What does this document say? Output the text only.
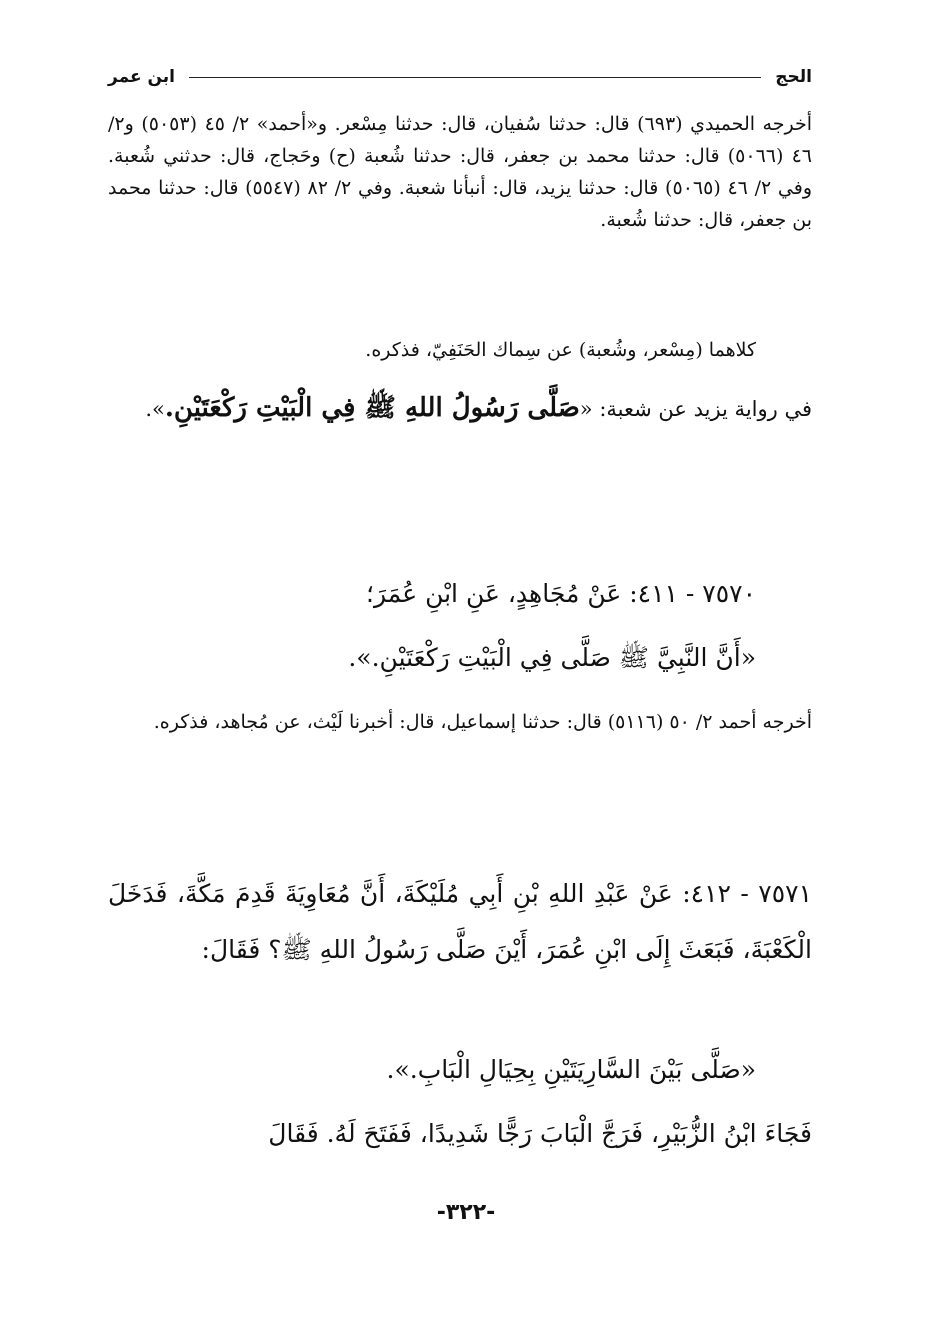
الحج
ابن عمر

أخرجه الحميدي (٦٩٣) قال: حدثنا سُفيان، قال: حدثنا مِسْعر. و«أحمد» ٢/ ٤٥ (٥٠٥٣) و٢/ ٤٦ (٥٠٦٦) قال: حدثنا محمد بن جعفر، قال: حدثنا شُعبة (ح) وحَجاج، قال: حدثني شُعبة. وفي ٢/ ٤٦ (٥٠٦٥) قال: حدثنا يزيد، قال: أنبأنا شعبة. وفي ٢/ ٨٢ (٥٥٤٧) قال: حدثنا محمد بن جعفر، قال: حدثنا شُعبة.

كلاهما (مِسْعر، وشُعبة) عن سِماك الحَنَفِيّ، فذكره.

في رواية يزيد عن شعبة: «صَلَّى رَسُولُ اللهِ ﷺ فِي الْبَيْتِ رَكْعَتَيْنِ.».

٧٥٧٠ - ٤١١: عَنْ مُجَاهِدٍ، عَنِ ابْنِ عُمَرَ؛

«أَنَّ النَّبِيَّ ﷺ صَلَّى فِي الْبَيْتِ رَكْعَتَيْنِ.».

أخرجه أحمد ٢/ ٥٠ (٥١١٦) قال: حدثنا إسماعيل، قال: أخبرنا لَيْث، عن مُجاهد، فذكره.

٧٥٧١ - ٤١٢: عَنْ عَبْدِ اللهِ بْنِ أَبِي مُلَيْكَةَ، أَنَّ مُعَاوِيَةَ قَدِمَ مَكَّةَ، فَدَخَلَ الْكَعْبَةَ، فَبَعَثَ إِلَى ابْنِ عُمَرَ، أَيْنَ صَلَّى رَسُولُ اللهِ ﷺ؟ فَقَالَ:

«صَلَّى بَيْنَ السَّارِيَتَيْنِ بِحِيَالِ الْبَابِ.».

فَجَاءَ ابْنُ الزُّبَيْرِ، فَرَجَّ الْبَابَ رَجًّا شَدِيدًا، فَفَتَحَ لَهُ. فَقَالَ

-٣٢٢-
